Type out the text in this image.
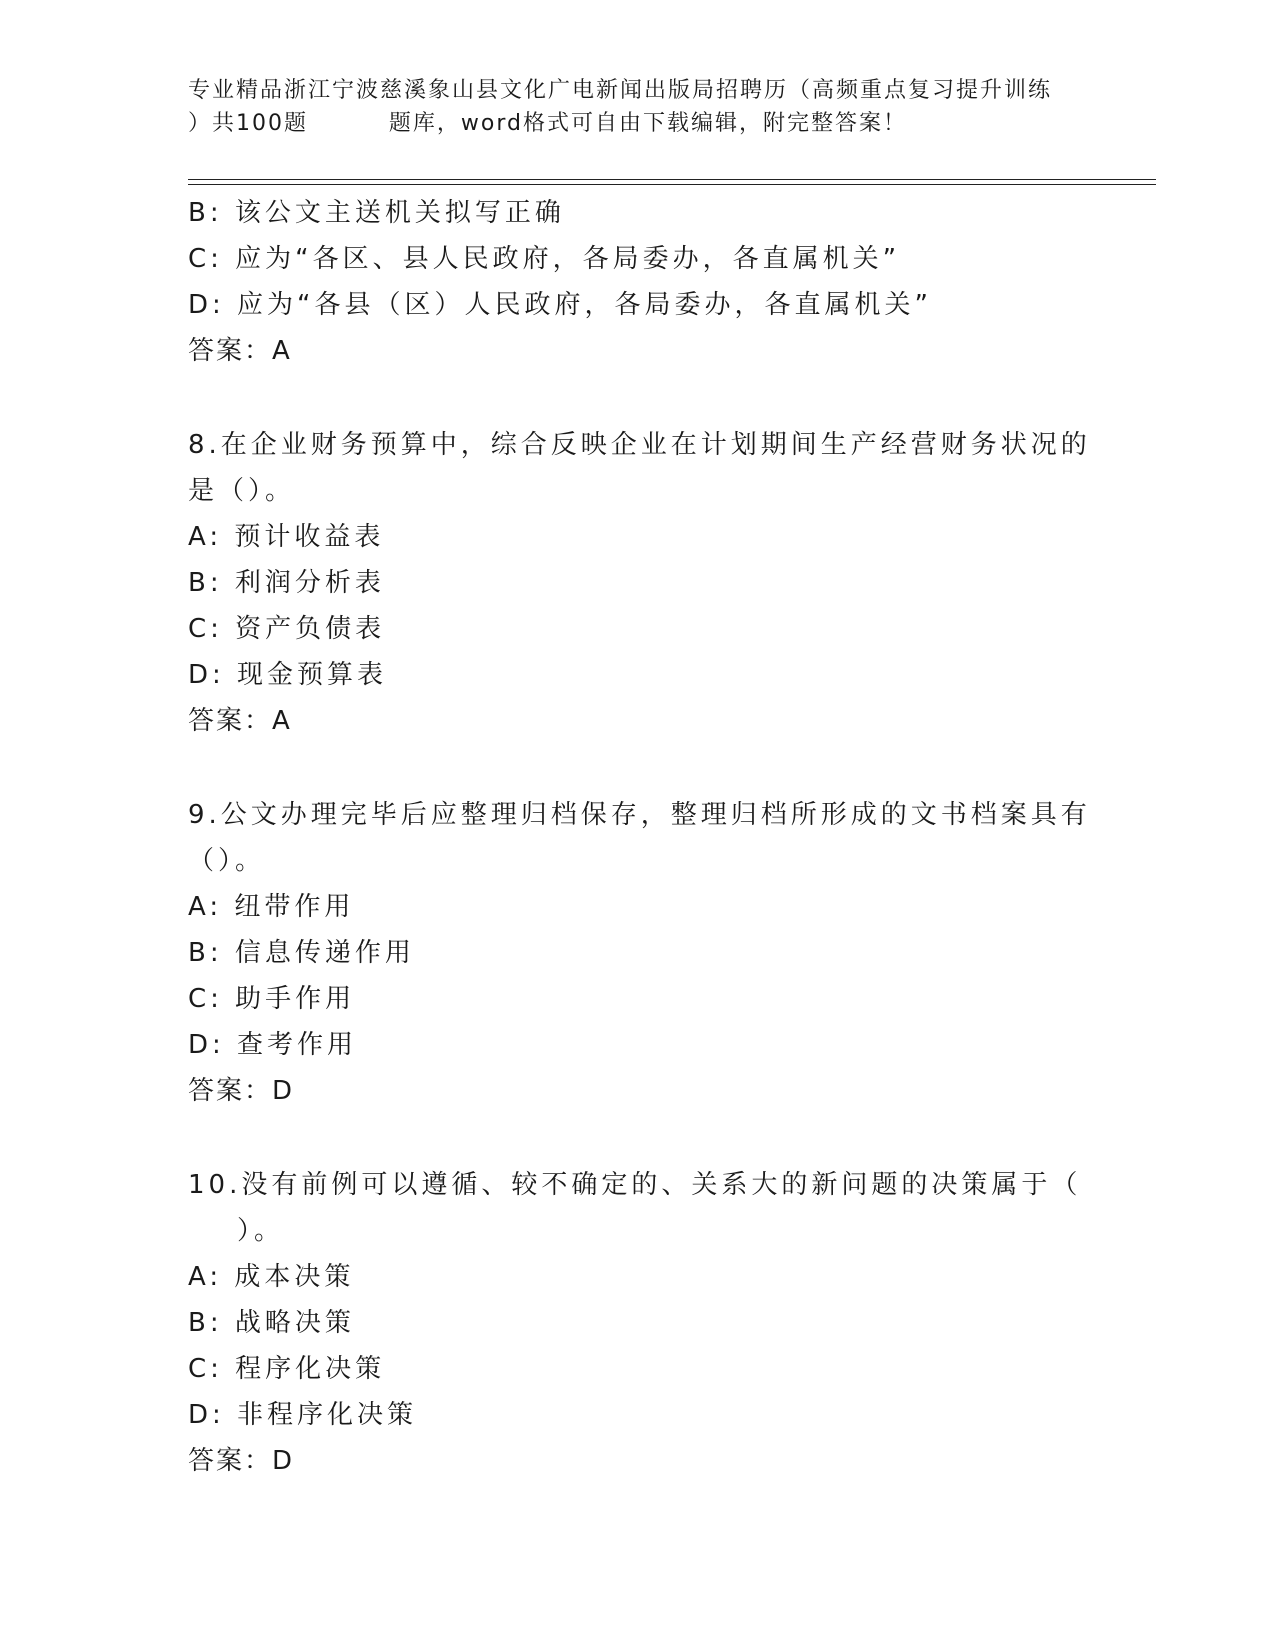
专业精品浙江宁波慈溪象山县文化广电新闻出版局招聘历（高频重点复习提升训练
）共100题         题库，word格式可自由下载编辑，附完整答案！
B: 该公文主送机关拟写正确
C: 应为“各区、县人民政府，各局委办，各直属机关”
D: 应为“各县（区）人民政府，各局委办，各直属机关”
答案：A
8.在企业财务预算中，综合反映企业在计划期间生产经营财务状况的
是（）。
A: 预计收益表
B: 利润分析表
C: 资产负债表
D: 现金预算表
答案：A
9.公文办理完毕后应整理归档保存，整理归档所形成的文书档案具有
（）。
A: 纽带作用
B: 信息传递作用
C: 助手作用
D: 查考作用
答案：D
10.没有前例可以遵循、较不确定的、关系大的新问题的决策属于（
）。
A: 成本决策
B: 战略决策
C: 程序化决策
D: 非程序化决策
答案：D
